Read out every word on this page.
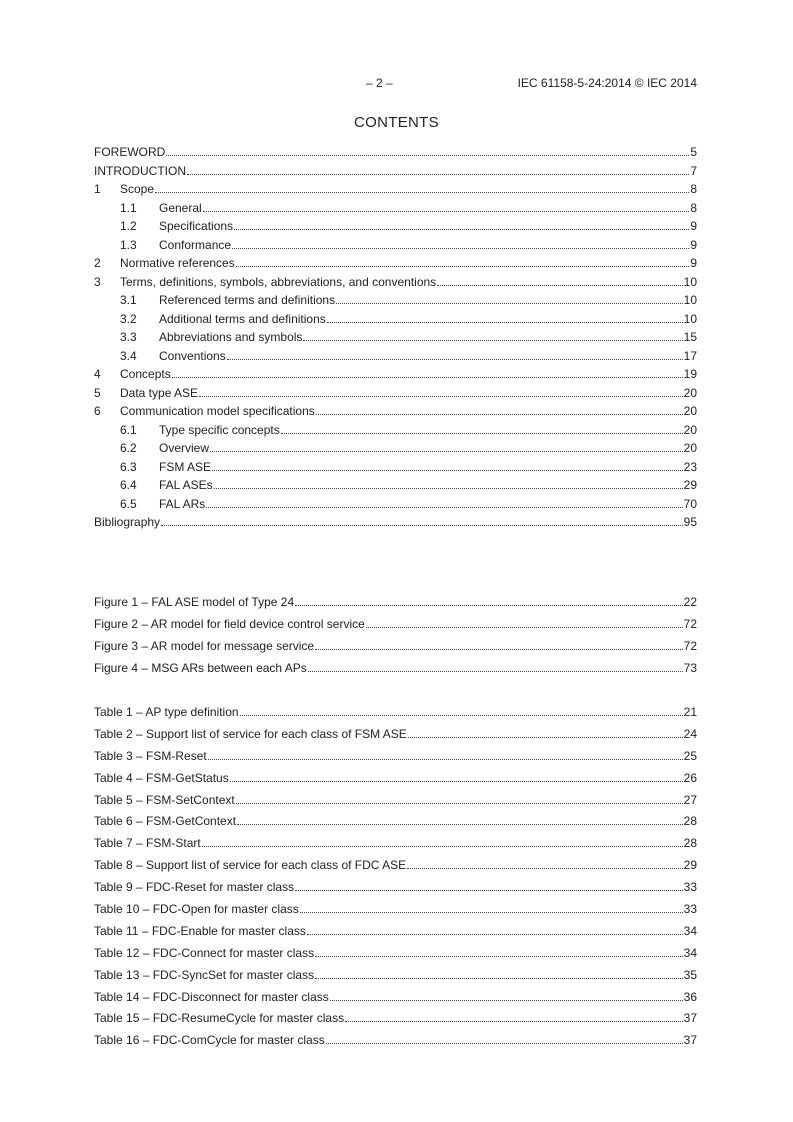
– 2 –	IEC 61158-5-24:2014 © IEC 2014
CONTENTS
FOREWORD	5
INTRODUCTION	7
1	Scope	8
1.1	General	8
1.2	Specifications	9
1.3	Conformance	9
2	Normative references	9
3	Terms, definitions, symbols, abbreviations, and conventions	10
3.1	Referenced terms and definitions	10
3.2	Additional terms and definitions	10
3.3	Abbreviations and symbols	15
3.4	Conventions	17
4	Concepts	19
5	Data type ASE	20
6	Communication model specifications	20
6.1	Type specific concepts	20
6.2	Overview	20
6.3	FSM ASE	23
6.4	FAL ASEs	29
6.5	FAL ARs	70
Bibliography	95
Figure 1 – FAL ASE model of Type 24	22
Figure 2 – AR model for field device control service	72
Figure 3 – AR model for message service	72
Figure 4 – MSG ARs between each APs	73
Table 1 – AP type definition	21
Table 2 – Support list of service for each class of FSM ASE	24
Table 3 – FSM-Reset	25
Table 4 – FSM-GetStatus	26
Table 5 – FSM-SetContext	27
Table 6 – FSM-GetContext	28
Table 7 – FSM-Start	28
Table 8 – Support list of service for each class of FDC ASE	29
Table 9 – FDC-Reset for master class	33
Table 10 – FDC-Open for master class	33
Table 11 – FDC-Enable for master class	34
Table 12 – FDC-Connect for master class	34
Table 13 – FDC-SyncSet for master class	35
Table 14 – FDC-Disconnect for master class	36
Table 15 – FDC-ResumeCycle for master class	37
Table 16 – FDC-ComCycle for master class	37
